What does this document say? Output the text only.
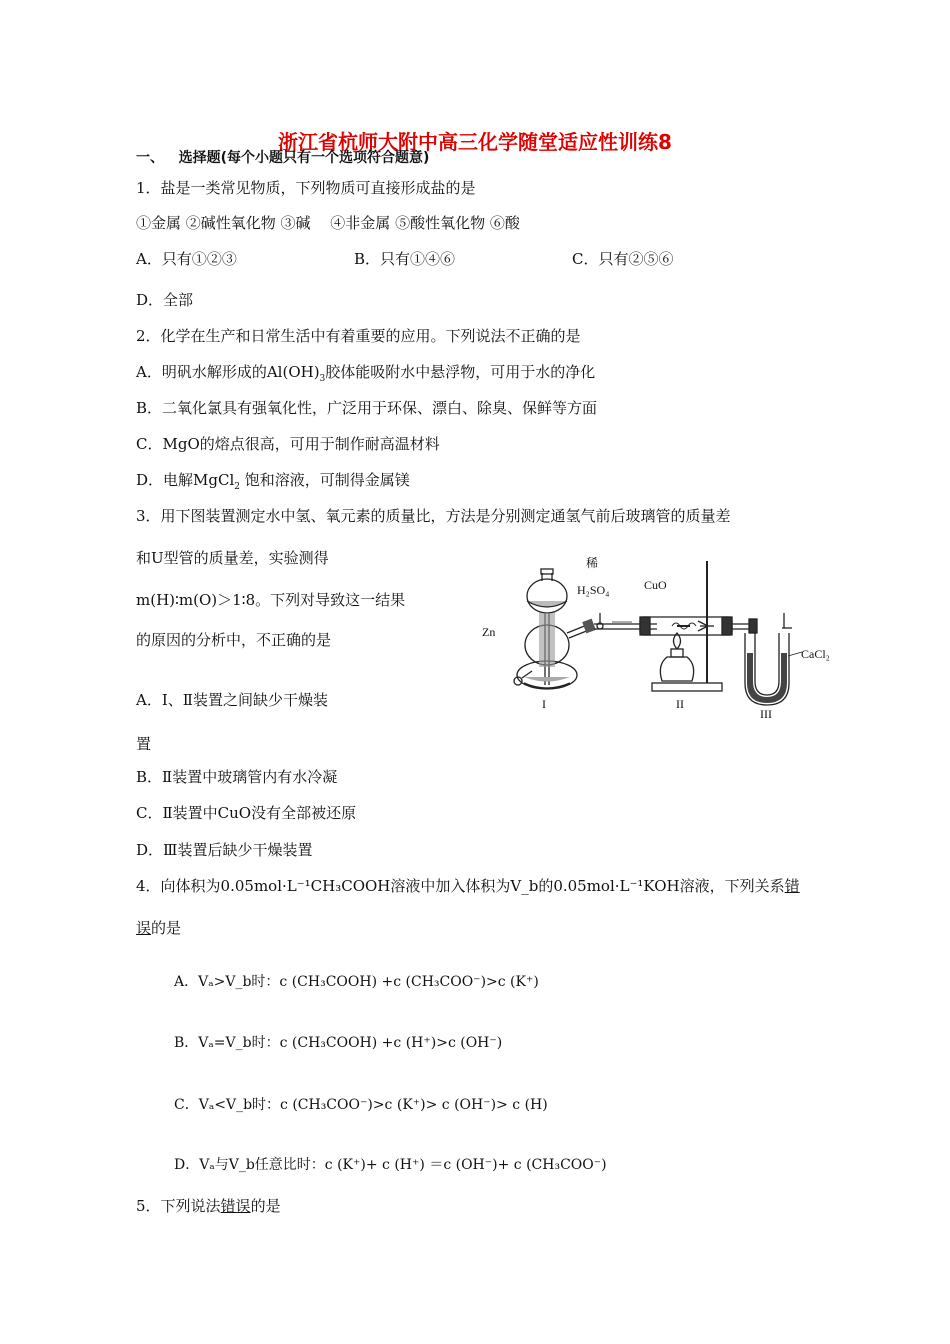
浙江省杭师大附中高三化学随堂适应性训练8
一、 选择题(每个小题只有一个选项符合题意)
1．盐是一类常见物质，下列物质可直接形成盐的是
①金属 ②碱性氧化物 ③碱　 ④非金属 ⑤酸性氧化物 ⑥酸
A．只有①②③	B．只有①④⑥	C．只有②⑤⑥
D．全部
2．化学在生产和日常生活中有着重要的应用。下列说法不正确的是
A．明矾水解形成的$Al(OH)_3$胶体能吸附水中悬浮物，可用于水的净化
B．二氧化氯具有强氧化性，广泛用于环保、漂白、除臭、保鲜等方面
C．MgO的熔点很高，可用于制作耐高温材料
D．电解MgCl$_2$ 饱和溶液，可制得金属镁
3．用下图装置测定水中氢、氧元素的质量比，方法是分别测定通氢气前后玻璃管的质量差
和U型管的质量差，实验测得
m(H)∶m(O)＞1∶8。下列对导致这一结果
的原因的分析中，不正确的是
A．Ⅰ、Ⅱ装置之间缺少干燥装
置
B．Ⅱ装置中玻璃管内有水冷凝
C．Ⅱ装置中CuO没有全部被还原
D．Ⅲ装置后缺少干燥装置
稀
H₂SO₄	CuO
Zn
CaCl₂
I	II
III
4．向体积为0.05mol·L⁻¹CH₃COOH溶液中加入体积为V_b的0.05mol·L⁻¹KOH溶液，下列关系错
误的是
A．Vₐ>V_b时：c (CH₃COOH) +c (CH₃COO⁻)>c (K⁺)
B．Vₐ=V_b时：c (CH₃COOH) +c (H⁺)>c (OH⁻)
C．Vₐ<V_b时：c (CH₃COO⁻)>c (K⁺)> c (OH⁻)> c (H)
D．Vₐ与V_b任意比时：c (K⁺)+ c (H⁺) ＝c (OH⁻)+ c (CH₃COO⁻)
5．下列说法错误的是
